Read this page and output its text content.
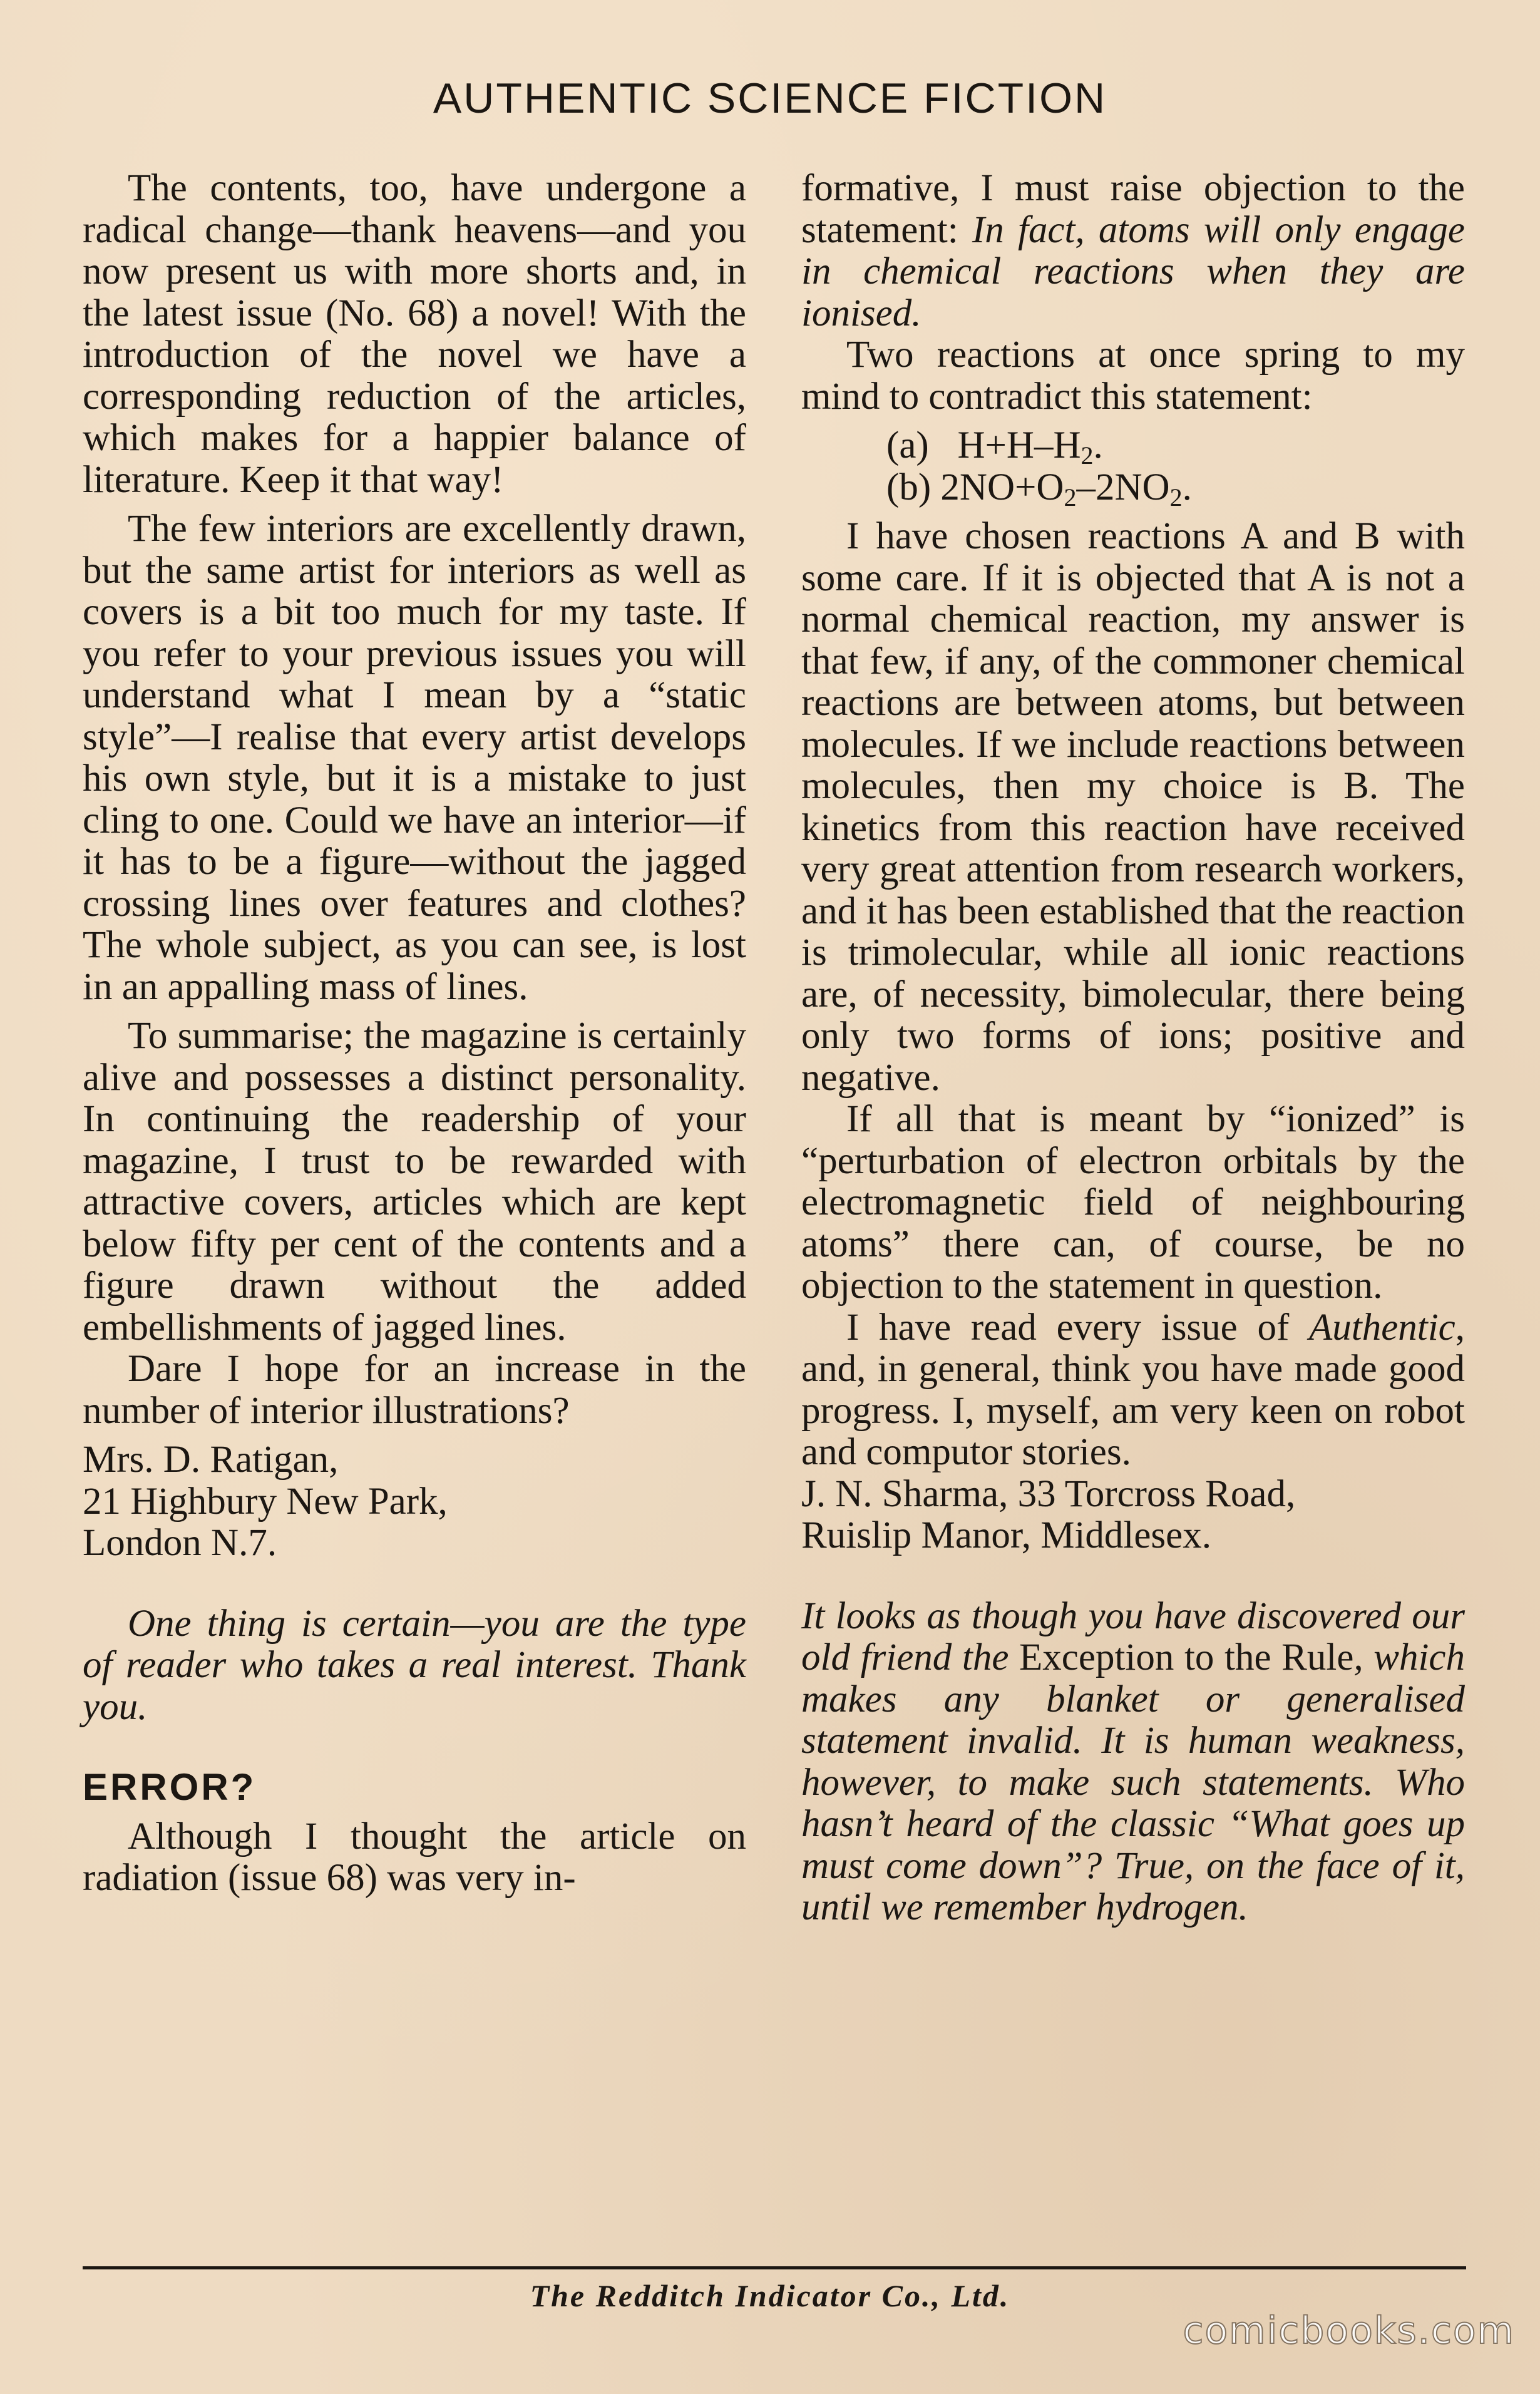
AUTHENTIC SCIENCE FICTION

The contents, too, have undergone a radical change—thank heavens—and you now present us with more shorts and, in the latest issue (No. 68) a novel! With the introduction of the novel we have a corresponding reduction of the articles, which makes for a happier balance of literature. Keep it that way!

The few interiors are excellently drawn, but the same artist for interiors as well as covers is a bit too much for my taste. If you refer to your previous issues you will understand what I mean by a “static style”—I realise that every artist develops his own style, but it is a mistake to just cling to one. Could we have an interior—if it has to be a figure—without the jagged crossing lines over features and clothes? The whole subject, as you can see, is lost in an appalling mass of lines.

To summarise; the magazine is certainly alive and possesses a distinct personality. In continuing the readership of your magazine, I trust to be rewarded with attractive covers, articles which are kept below fifty per cent of the contents and a figure drawn without the added embellishments of jagged lines.

Dare I hope for an increase in the number of interior illustrations?

Mrs. D. Ratigan,

21 Highbury New Park,

London N.7.

One thing is certain—you are the type of reader who takes a real interest. Thank you.

ERROR?

Although I thought the article on radiation (issue 68) was very in-

formative, I must raise objection to the statement: In fact, atoms will only engage in chemical reactions when they are ionised.

Two reactions at once spring to my mind to contradict this statement:

(a) $H+H-H_2$.

(b) $2NO+O_2-2NO_2$.

I have chosen reactions A and B with some care. If it is objected that A is not a normal chemical reaction, my answer is that few, if any, of the commoner chemical reactions are between atoms, but between molecules. If we include reactions between molecules, then my choice is B. The kinetics from this reaction have received very great attention from research workers, and it has been established that the reaction is trimolecular, while all ionic reactions are, of necessity, bimolecular, there being only two forms of ions; positive and negative.

If all that is meant by “ionized” is “perturbation of electron orbitals by the electromagnetic field of neighbouring atoms” there can, of course, be no objection to the statement in question.

I have read every issue of Authentic, and, in general, think you have made good progress. I, myself, am very keen on robot and computor stories.

J. N. Sharma, 33 Torcross Road,

Ruislip Manor, Middlesex.

It looks as though you have discovered our old friend the Exception to the Rule, which makes any blanket or generalised statement invalid. It is human weakness, however, to make such statements. Who hasn’t heard of the classic “What goes up must come down”? True, on the face of it, until we remember hydrogen.

The Redditch Indicator Co., Ltd.
comicbooks.com
